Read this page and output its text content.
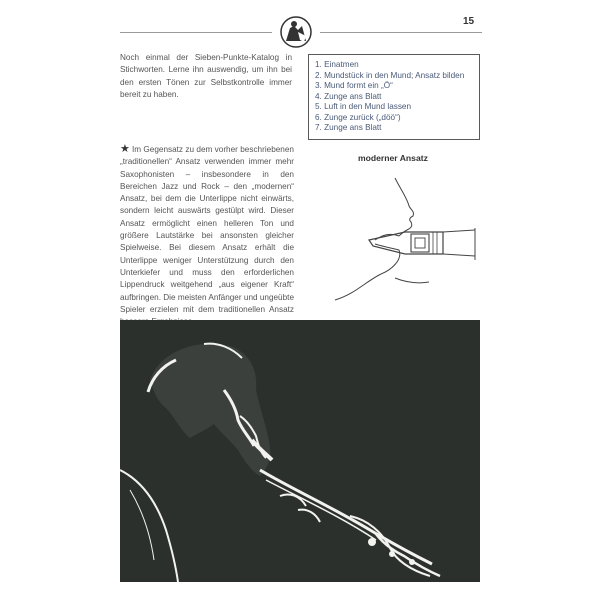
15

Noch einmal der Sieben-Punkte-Katalog in Stichworten. Lerne ihn auswendig, um ihn bei den ersten Tönen zur Selbstkontrolle immer bereit zu haben.

1. Einatmen
2. Mundstück in den Mund; Ansatz bilden
3. Mund formt ein „Ö“
4. Zunge ans Blatt
5. Luft in den Mund lassen
6. Zunge zurück („döö“)
7. Zunge ans Blatt

★ Im Gegensatz zu dem vorher beschriebenen „traditionellen“ Ansatz verwenden immer mehr Saxophonisten – insbesondere in den Bereichen Jazz und Rock – den „modernen“ Ansatz, bei dem die Unterlippe nicht einwärts, sondern leicht auswärts gestülpt wird. Dieser Ansatz ermöglicht einen helleren Ton und größere Lautstärke bei ansonsten gleicher Spielweise. Bei diesem Ansatz erhält die Unterlippe weniger Unterstützung durch den Unterkiefer und muss den erforderlichen Lippendruck weitgehend „aus eigener Kraft“ aufbringen. Die meisten Anfänger und ungeübte Spieler erzielen mit dem traditionellen Ansatz

moderner Ansatz
